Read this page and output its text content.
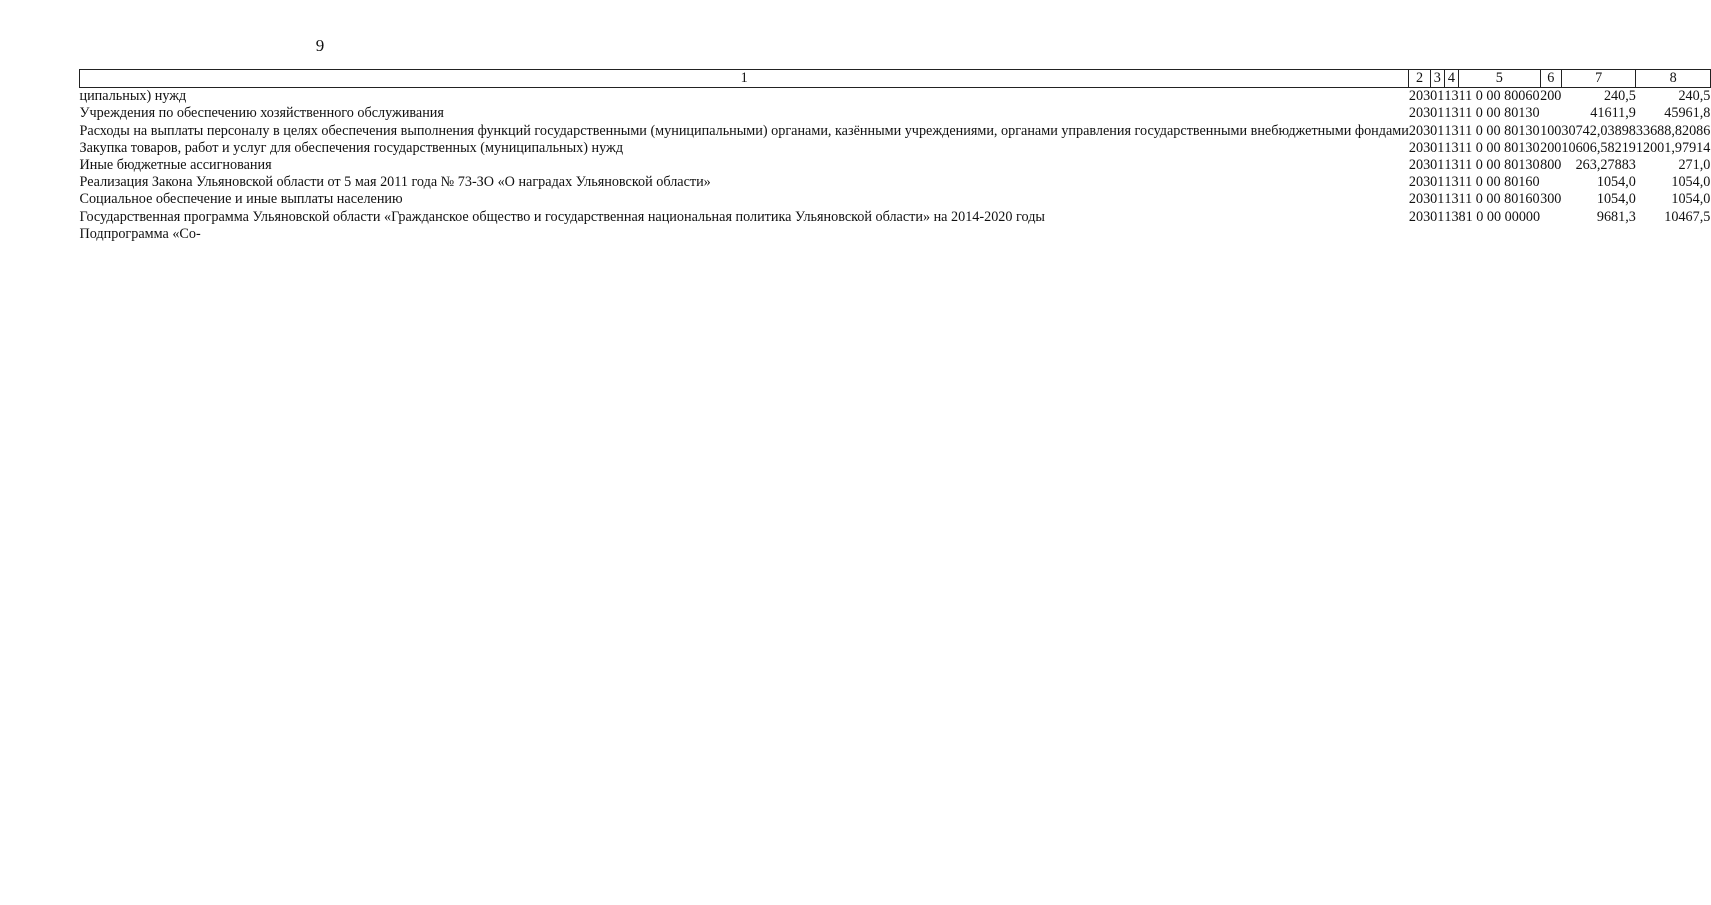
9
1	2	3	4	5	6	7	8
ципальных) нужд	203	01	13	11 0 00 80060	200	240,5	240,5
Учреждения по обеспечению хозяйственного обслуживания	203	01	13	11 0 00 80130		41611,9	45961,8
Расходы на выплаты персоналу в целях обеспечения выполнения функций государственными (муниципальными) органами, казёнными учреждениями, органами управления государственными внебюджетными фондами	203	01	13	11 0 00 80130	100	30742,03898	33688,82086
Закупка товаров, работ и услуг для обеспечения государственных (муниципальных) нужд	203	01	13	11 0 00 80130	200	10606,58219	12001,97914
Иные бюджетные ассигнования	203	01	13	11 0 00 80130	800	263,27883	271,0
Реализация Закона Ульяновской области от 5 мая 2011 года № 73-ЗО «О наградах Ульяновской области»	203	01	13	11 0 00 80160		1054,0	1054,0
Социальное обеспечение и иные выплаты населению	203	01	13	11 0 00 80160	300	1054,0	1054,0
Государственная программа Ульяновской области «Гражданское общество и государственная национальная политика Ульяновской области» на 2014-2020 годы	203	01	13	81 0 00 00000		9681,3	10467,5
Подпрограмма «Со-							
